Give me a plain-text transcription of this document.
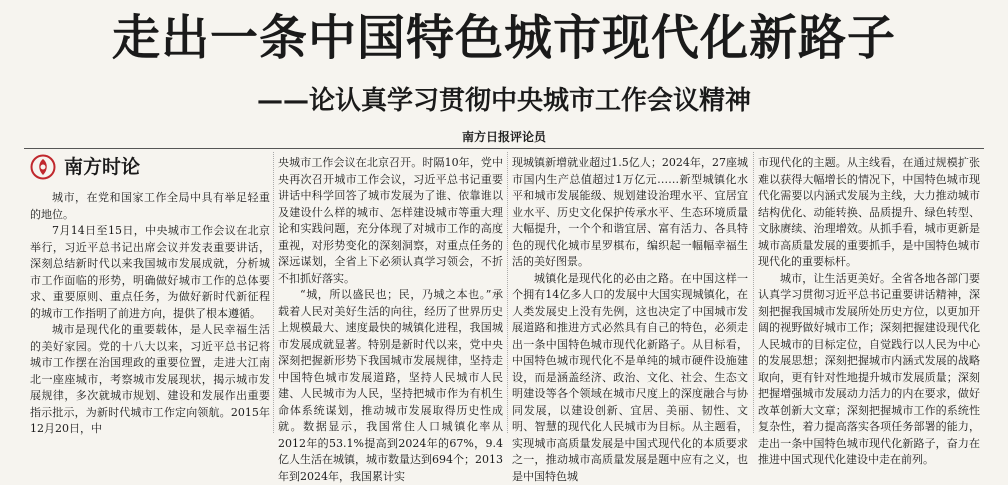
走出一条中国特色城市现代化新路子
——论认真学习贯彻中央城市工作会议精神
南方日报评论员
南方时论

城市，在党和国家工作全局中具有举足轻重的地位。

7月14日至15日，中央城市工作会议在北京举行，习近平总书记出席会议并发表重要讲话，深刻总结新时代以来我国城市发展成就，分析城市工作面临的形势，明确做好城市工作的总体要求、重要原则、重点任务，为做好新时代新征程的城市工作指明了前进方向，提供了根本遵循。

城市是现代化的重要载体，是人民幸福生活的美好家园。党的十八大以来，习近平总书记将城市工作摆在治国理政的重要位置，走进大江南北一座座城市，考察城市发展现状，揭示城市发展规律，多次就城市规划、建设和发展作出重要指示批示，为新时代城市工作定向领航。2015年12月20日，中

央城市工作会议在北京召开。时隔10年，党中央再次召开城市工作会议，习近平总书记重要讲话中科学回答了城市发展为了谁、依靠谁以及建设什么样的城市、怎样建设城市等重大理论和实践问题，充分体现了对城市工作的高度重视，对形势变化的深刻洞察，对重点任务的深远谋划，全省上下必须认真学习领会，不折不扣抓好落实。

“城，所以盛民也；民，乃城之本也。”承载着人民对美好生活的向往，经历了世界历史上规模最大、速度最快的城镇化进程，我国城市发展成就显著。特别是新时代以来，党中央深刻把握新形势下我国城市发展规律，坚持走中国特色城市发展道路，坚持人民城市人民建、人民城市为人民，坚持把城市作为有机生命体系统谋划，推动城市发展取得历史性成就。数据显示，我国常住人口城镇化率从2012年的53.1%提高到2024年的67%，9.4亿人生活在城镇，城市数量达到694个；2013年到2024年，我国累计实

现城镇新增就业超过1.5亿人；2024年，27座城市国内生产总值超过1万亿元……新型城镇化水平和城市发展能级、规划建设治理水平、宜居宜业水平、历史文化保护传承水平、生态环境质量大幅提升，一个个和谐宜居、富有活力、各具特色的现代化城市星罗棋布，编织起一幅幅幸福生活的美好图景。

城镇化是现代化的必由之路。在中国这样一个拥有14亿多人口的发展中大国实现城镇化，在人类发展史上没有先例，这也决定了中国城市发展道路和推进方式必然具有自己的特色，必须走出一条中国特色城市现代化新路子。从目标看，中国特色城市现代化不是单纯的城市硬件设施建设，而是涵盖经济、政治、文化、社会、生态文明建设等各个领域在城市尺度上的深度融合与协同发展，以建设创新、宜居、美丽、韧性、文明、智慧的现代化人民城市为目标。从主题看，实现城市高质量发展是中国式现代化的本质要求之一，推动城市高质量发展是题中应有之义，也是中国特色城

市现代化的主题。从主线看，在通过规模扩张难以获得大幅增长的情况下，中国特色城市现代化需要以内涵式发展为主线，大力推动城市结构优化、动能转换、品质提升、绿色转型、文脉赓续、治理增效。从抓手看，城市更新是城市高质量发展的重要抓手，是中国特色城市现代化的重要标杆。

城市，让生活更美好。全省各地各部门要认真学习贯彻习近平总书记重要讲话精神，深刻把握我国城市发展所处历史方位，以更加开阔的视野做好城市工作；深刻把握建设现代化人民城市的目标定位，自觉践行以人民为中心的发展思想；深刻把握城市内涵式发展的战略取向，更有针对性地提升城市发展质量；深刻把握增强城市发展动力活力的内在要求，做好改革创新大文章；深刻把握城市工作的系统性复杂性，着力提高落实各项任务部署的能力，走出一条中国特色城市现代化新路子，奋力在推进中国式现代化建设中走在前列。
